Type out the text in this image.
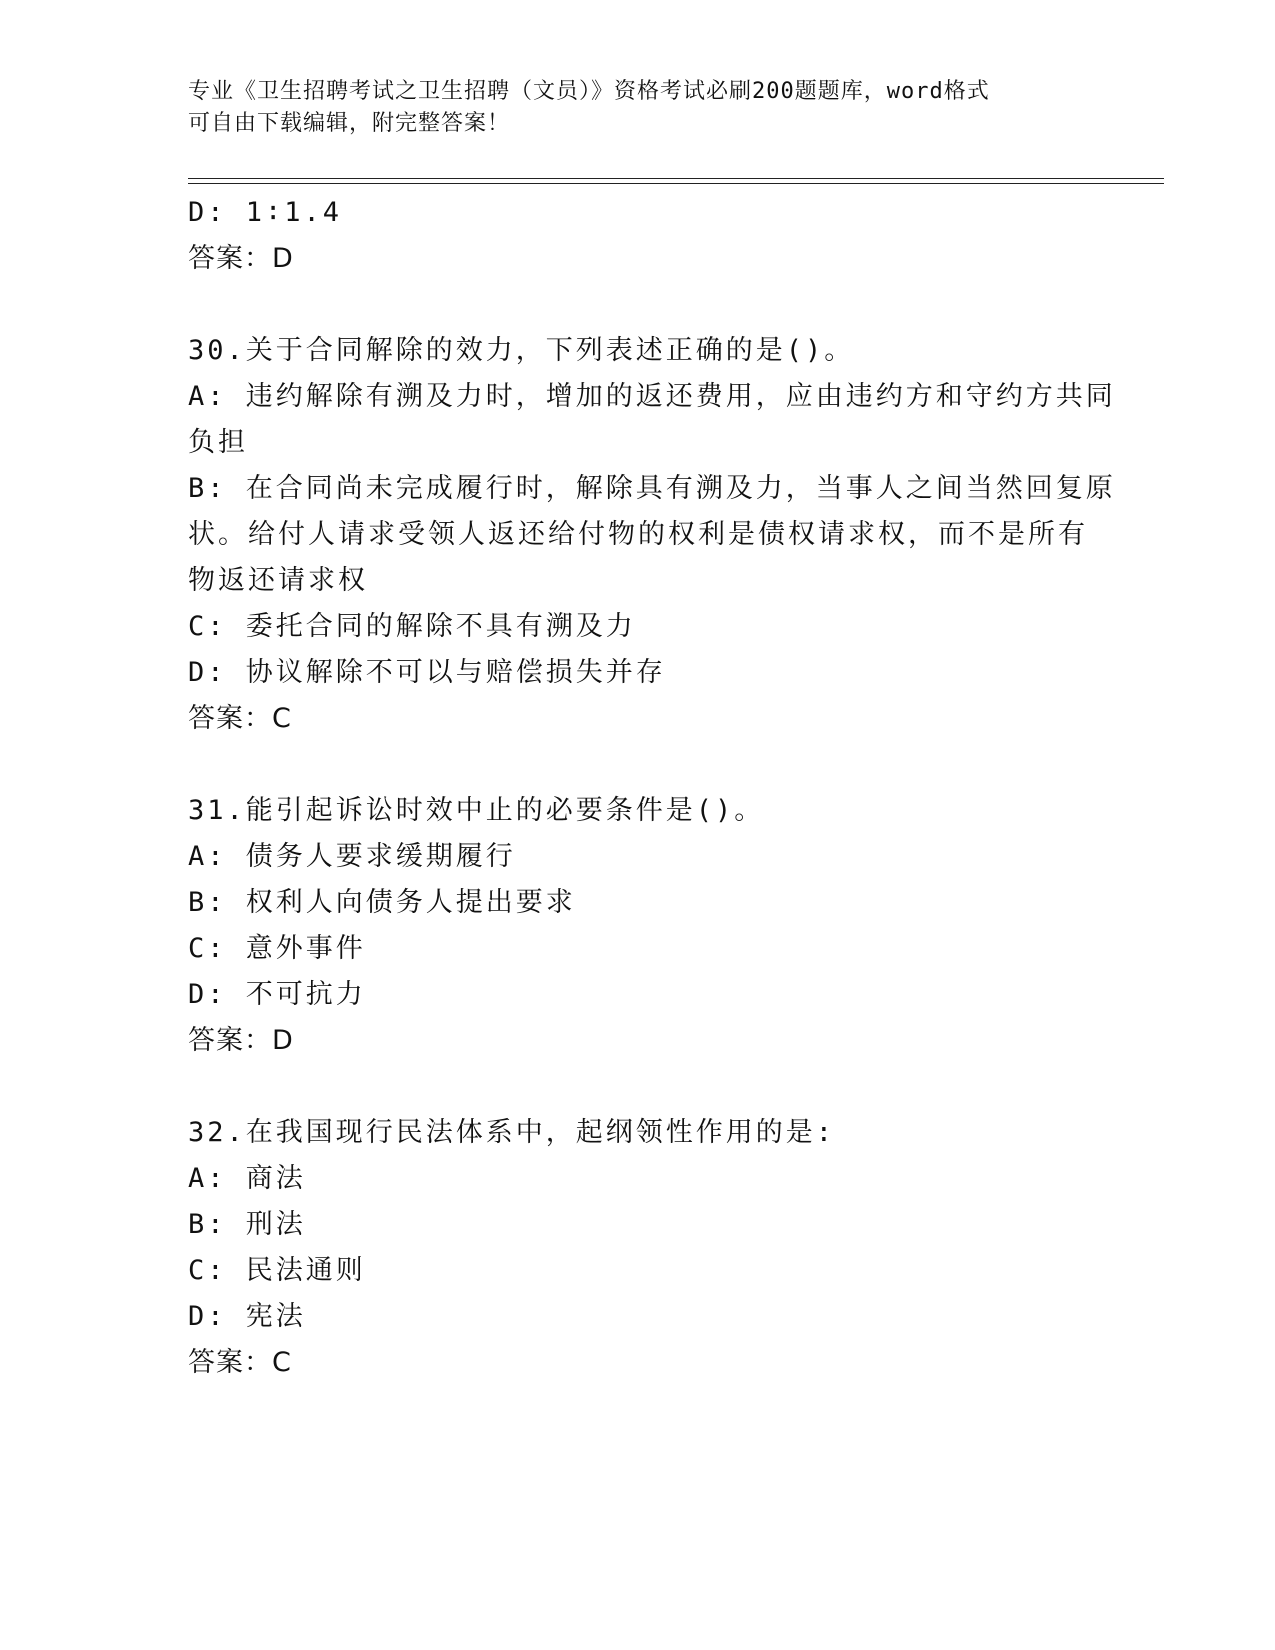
专业《卫生招聘考试之卫生招聘（文员）》资格考试必刷200题题库，word格式
可自由下载编辑，附完整答案！
D: 1∶1.4
答案：D
30.关于合同解除的效力，下列表述正确的是()。
A: 违约解除有溯及力时，增加的返还费用，应由违约方和守约方共同
负担
B: 在合同尚未完成履行时，解除具有溯及力，当事人之间当然回复原
状。给付人请求受领人返还给付物的权利是债权请求权，而不是所有
物返还请求权
C: 委托合同的解除不具有溯及力
D: 协议解除不可以与赔偿损失并存
答案：C
31.能引起诉讼时效中止的必要条件是()。
A: 债务人要求缓期履行
B: 权利人向债务人提出要求
C: 意外事件
D: 不可抗力
答案：D
32.在我国现行民法体系中，起纲领性作用的是:
A: 商法
B: 刑法
C: 民法通则
D: 宪法
答案：C
